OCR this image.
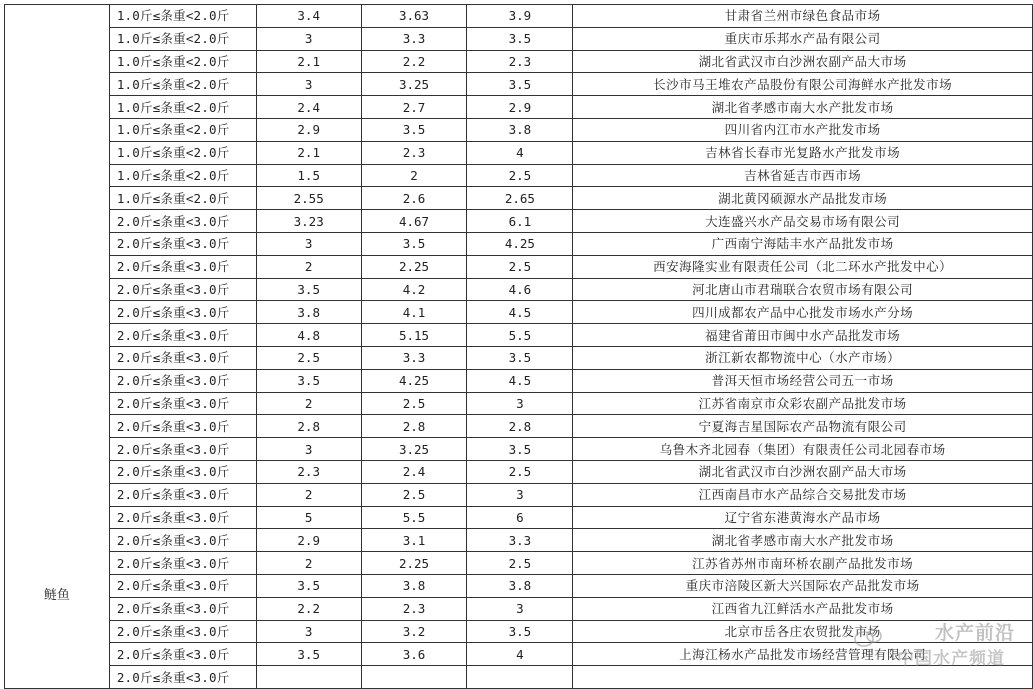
鲢鱼	1.0斤≤条重<2.0斤	3.4	3.63	3.9	甘肃省兰州市绿色食品市场
	1.0斤≤条重<2.0斤	3	3.3	3.5	重庆市乐邦水产品有限公司
	1.0斤≤条重<2.0斤	2.1	2.2	2.3	湖北省武汉市白沙洲农副产品大市场
	1.0斤≤条重<2.0斤	3	3.25	3.5	长沙市马王堆农产品股份有限公司海鲜水产批发市场
	1.0斤≤条重<2.0斤	2.4	2.7	2.9	湖北省孝感市南大水产批发市场
	1.0斤≤条重<2.0斤	2.9	3.5	3.8	四川省内江市水产批发市场
	1.0斤≤条重<2.0斤	2.1	2.3	4	吉林省长春市光复路水产批发市场
	1.0斤≤条重<2.0斤	1.5	2	2.5	吉林省延吉市西市场
	1.0斤≤条重<2.0斤	2.55	2.6	2.65	湖北黄冈硕源水产品批发市场
	2.0斤≤条重<3.0斤	3.23	4.67	6.1	大连盛兴水产品交易市场有限公司
	2.0斤≤条重<3.0斤	3	3.5	4.25	广西南宁海陆丰水产品批发市场
	2.0斤≤条重<3.0斤	2	2.25	2.5	西安海隆实业有限责任公司（北二环水产批发中心）
	2.0斤≤条重<3.0斤	3.5	4.2	4.6	河北唐山市君瑞联合农贸市场有限公司
	2.0斤≤条重<3.0斤	3.8	4.1	4.5	四川成都农产品中心批发市场水产分场
	2.0斤≤条重<3.0斤	4.8	5.15	5.5	福建省莆田市闽中水产品批发市场
	2.0斤≤条重<3.0斤	2.5	3.3	3.5	浙江新农都物流中心（水产市场）
	2.0斤≤条重<3.0斤	3.5	4.25	4.5	普洱天恒市场经营公司五一市场
	2.0斤≤条重<3.0斤	2	2.5	3	江苏省南京市众彩农副产品批发市场
	2.0斤≤条重<3.0斤	2.8	2.8	2.8	宁夏海吉星国际农产品物流有限公司
	2.0斤≤条重<3.0斤	3	3.25	3.5	乌鲁木齐北园春（集团）有限责任公司北园春市场
	2.0斤≤条重<3.0斤	2.3	2.4	2.5	湖北省武汉市白沙洲农副产品大市场
	2.0斤≤条重<3.0斤	2	2.5	3	江西南昌市水产品综合交易批发市场
	2.0斤≤条重<3.0斤	5	5.5	6	辽宁省东港黄海水产品市场
	2.0斤≤条重<3.0斤	2.9	3.1	3.3	湖北省孝感市南大水产批发市场
	2.0斤≤条重<3.0斤	2	2.25	2.5	江苏省苏州市南环桥农副产品批发市场
	2.0斤≤条重<3.0斤	3.5	3.8	3.8	重庆市涪陵区新大兴国际农产品批发市场
	2.0斤≤条重<3.0斤	2.2	2.3	3	江西省九江鲜活水产品批发市场
	2.0斤≤条重<3.0斤	3	3.2	3.5	北京市岳各庄农贸批发市场
	2.0斤≤条重<3.0斤	3.5	3.6	4	上海江杨水产品批发市场经营管理有限公司
	2.0斤≤条重<3.0斤				
水产前沿
中国水产频道
